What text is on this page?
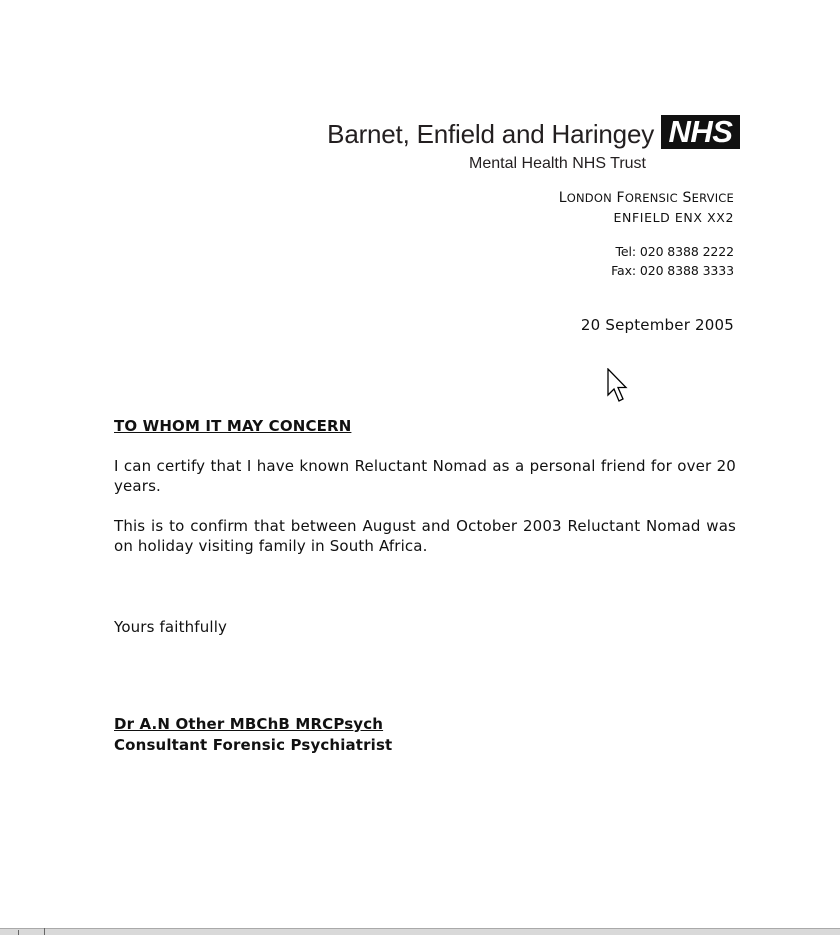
Barnet, Enfield and Haringey NHS
Mental Health NHS Trust
LONDON FORENSIC SERVICE
ENFIELD ENX XX2
Tel: 020 8388 2222
Fax: 020 8388 3333
20 September 2005
TO WHOM IT MAY CONCERN
I can certify that I have known Reluctant Nomad as a personal friend for over 20 years.
This is to confirm that between August and October 2003 Reluctant Nomad was on holiday visiting family in South Africa.
Yours faithfully
Dr A.N Other MBChB MRCPsych
Consultant Forensic Psychiatrist
